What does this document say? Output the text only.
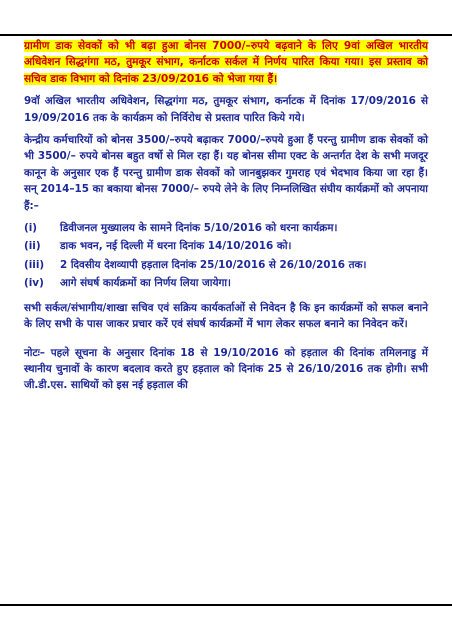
ग्रामीण डाक सेवकों को भी बढ़ा हुआ बोनस 7000/–रुपये बढ़वाने के लिए 9वां अखिल भारतीय अधिवेशन सिद्धगंगा मठ, तुमकूर संभाग, कर्नाटक सर्कल में निर्णय पारित किया गया। इस प्रस्ताव को सचिव डाक विभाग को दिनांक 23/09/2016 को भेजा गया हैं।

9वॉ अखिल भारतीय अधिवेशन, सिद्धगंगा मठ, तुमकूर संभाग, कर्नाटक में दिनांक 17/09/2016 से 19/09/2016 तक के कार्यक्रम को निर्विरोध से प्रस्ताव पारित किये गये।

केन्द्रीय कर्मचारियों को बोनस 3500/–रुपये बढ़ाकर 7000/–रुपये हुआ हैं परन्तु ग्रामीण डाक सेवकों को भी 3500/– रुपये बोनस बहुत वर्षो से मिल रहा हैं। यह बोनस सीमा एक्ट के अन्तर्गत देश के सभी मजदूर कानून के अनुसार एक हैं परन्तु ग्रामीण डाक सेवकों को जानबुझकर गुमराह एवं भेदभाव किया जा रहा हैं। सन् 2014–15 का बकाया बोनस 7000/– रुपये लेने के लिए निम्नलिखित संघीय कार्यक्रमों को अपनाया हैं:–

(i)	डिवीजनल मुख्यालय के सामने दिनांक 5/10/2016 को धरना कार्यक्रम।
(ii)	डाक भवन, नई दिल्ली में धरना दिनांक 14/10/2016 को।
(iii)	2 दिवसीय देशव्यापी हड़ताल दिनांक 25/10/2016 से 26/10/2016 तक।
(iv)	आगे संघर्ष कार्यक्रमों का निर्णय लिया जायेगा।

सभी सर्कल/संभागीय/शाखा सचिव एवं सक्रिय कार्यकर्ताओं से निवेदन है कि इन कार्यक्रमों को सफल बनाने के लिए सभी के पास जाकर प्रचार करें एवं संघर्ष कार्यक्रमों में भाग लेकर सफल बनाने का निवेदन करें।

नोटः– पहले सूचना के अनुसार दिनांक 18 से 19/10/2016 को हड़ताल की दिनांक तमिलनाडु में स्थानीय चुनावों के कारण बदलाव करते हुए हड़ताल को दिनांक 25 से 26/10/2016 तक होगी। सभी जी.डी.एस. साथियों को इस नई हड़ताल की
